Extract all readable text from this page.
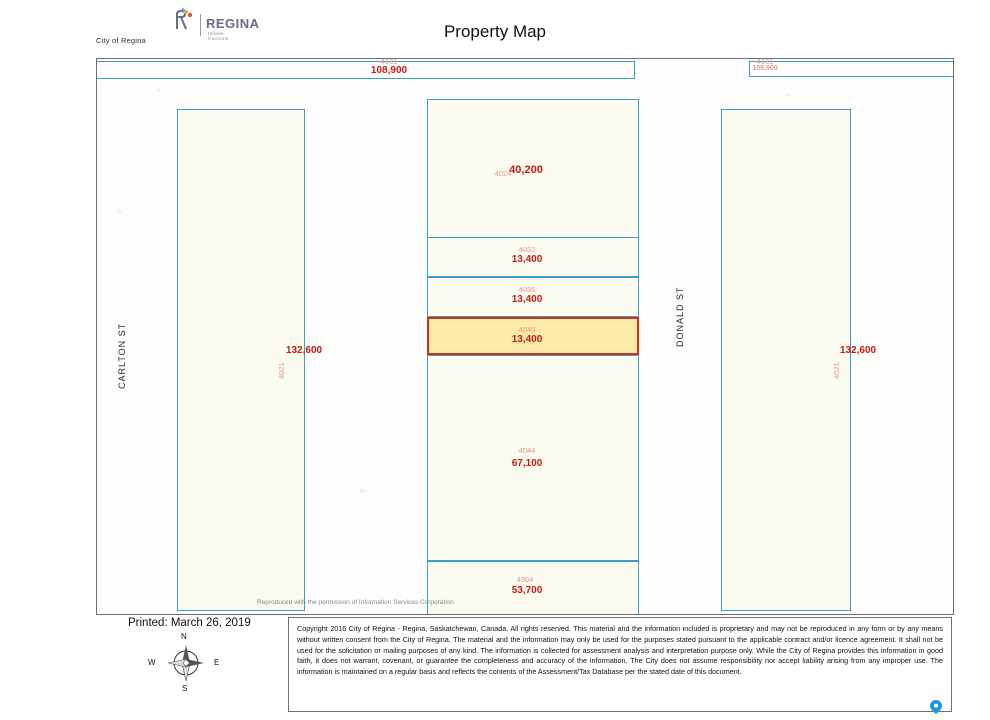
City of Regina
REGINA
Infinite Horizons	Property Map
4101
108,900
4101
108,900
4021
132,600
4021
132,600
4024
40,200
4032
13,400
4036
13,400
4040
13,400
4044
67,100
4904
53,700
CARLTON ST
DONALD ST
Reproduced with the permission of Information Services Corporation
Printed: March 26, 2019
N
S
W	E
Copyright 2016 City of Regina - Regina, Saskatchewan, Canada. All rights reserved. This material and the information included is proprietary and may not be reproduced in any form or by any means without written consent from the City of Regina. The material and the information may only be used for the purposes stated pursuant to the applicable contract and/or licence agreement. It shall not be used for the solicitation or mailing purposes of any kind. The information is collected for assessment analysis and interpretation purpose only. While the City of Regina provides this information in good faith, it does not warrant, covenant, or guarantee the completeness and accuracy of the information. The City does not assume responsibility nor accept liability arising from any improper use. The information is maintained on a regular basis and reflects the contents of the Assessment/Tax Database per the stated date of this document.
